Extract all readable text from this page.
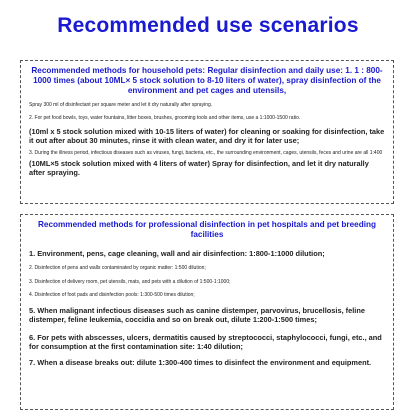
Recommended use scenarios
Recommended methods for household pets: Regular disinfection and daily use: 1. 1 : 800-1000 times (about 10ML× 5 stock solution to 8-10 liters of water), spray disinfection of the environment and pet cages and utensils,

Spray 300 ml of disinfectant per square meter and let it dry naturally after spraying.

2. For pet food bowls, toys, water fountains, litter boxes, brushes, grooming tools and other items, use a 1:1000-1500 ratio.

(10ml x 5 stock solution mixed with 10-15 liters of water) for cleaning or soaking for disinfection, take it out after about 30 minutes, rinse it with clean water, and dry it for later use;

3. During the illness period, infectious diseases such as viruses, fungi, bacteria, etc., the surrounding environment, cages, utensils, feces and urine are all 1:400

(10ML×5 stock solution mixed with 4 liters of water) Spray for disinfection, and let it dry naturally after spraying.

Recommended methods for professional disinfection in pet hospitals and pet breeding facilities

1. Environment, pens, cage cleaning, wall and air disinfection: 1:800-1:1000 dilution;

2. Disinfection of pens and walls contaminated by organic matter: 1:500 dilution;

3. Disinfection of delivery room, pet utensils, mats, and pets with a dilution of 1:500-1:1000;

4. Disinfection of foot pads and disinfection pools: 1:300-500 times dilution;

5. When malignant infectious diseases such as canine distemper, parvovirus, brucellosis, feline distemper, feline leukemia, coccidia and so on break out, dilute 1:200-1:500 times;

6. For pets with abscesses, ulcers, dermatitis caused by streptococci, staphylococci, fungi, etc., and for consumption at the first contamination site: 1:40 dilution;

7. When a disease breaks out: dilute 1:300-400 times to disinfect the environment and equipment.
